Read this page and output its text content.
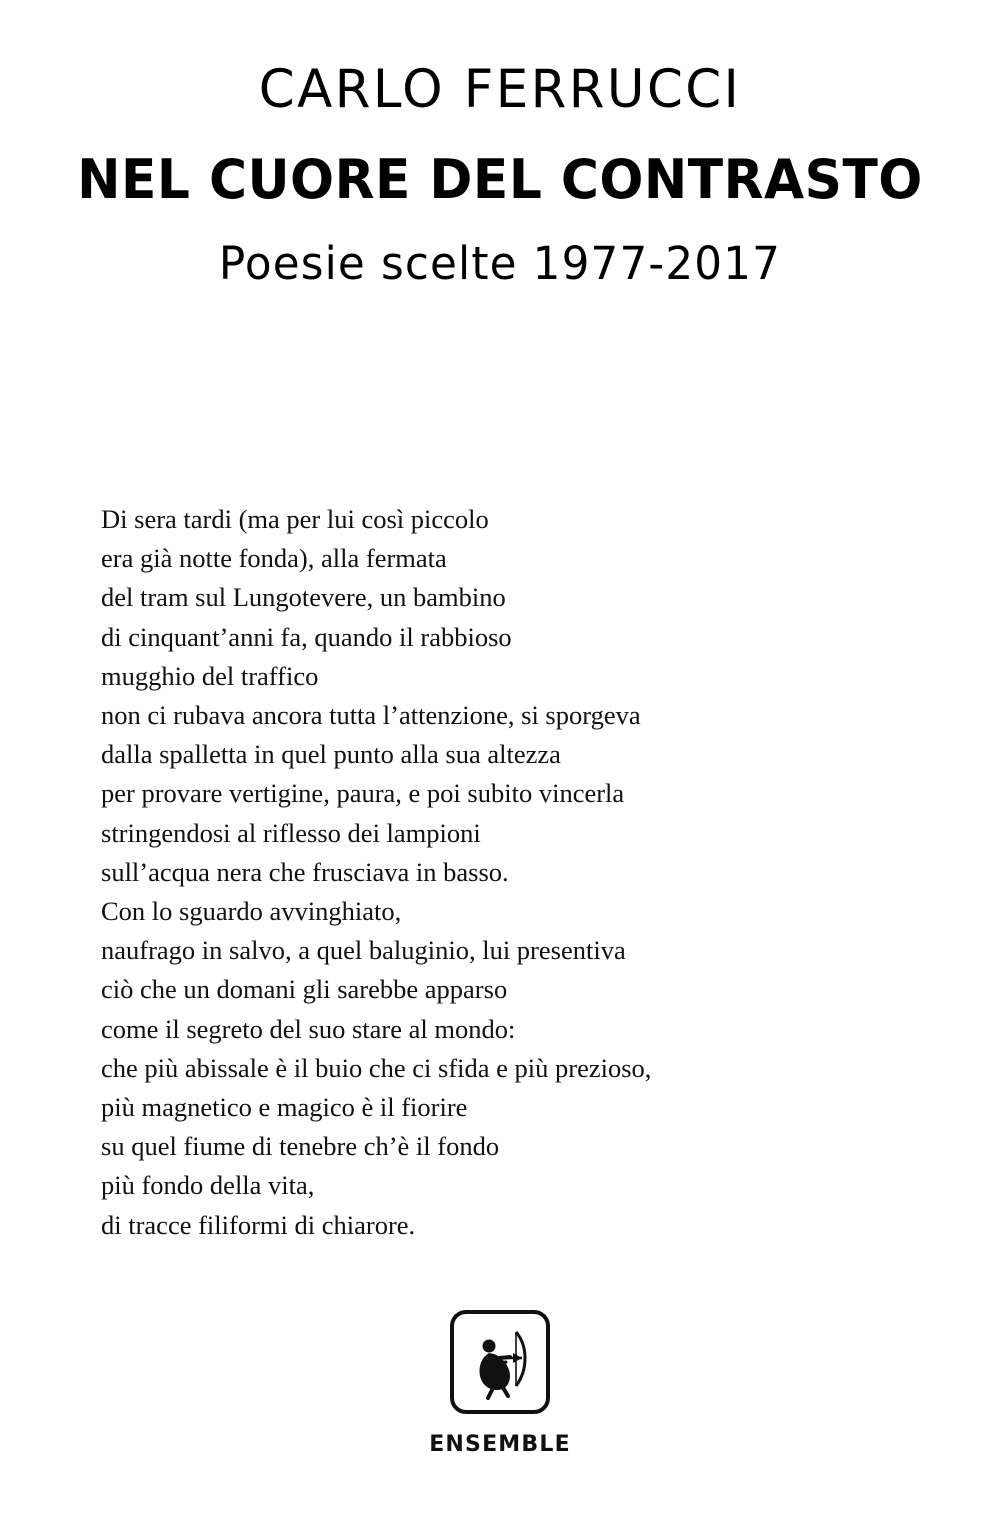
CARLO FERRUCCI
NEL CUORE DEL CONTRASTO
Poesie scelte 1977-2017
Di sera tardi (ma per lui così piccolo
era già notte fonda), alla fermata
del tram sul Lungotevere, un bambino
di cinquant’anni fa, quando il rabbioso
mugghio del traffico
non ci rubava ancora tutta l’attenzione, si sporgeva
dalla spalletta in quel punto alla sua altezza
per provare vertigine, paura, e poi subito vincerla
stringendosi al riflesso dei lampioni
sull’acqua nera che frusciava in basso.
Con lo sguardo avvinghiato,
naufrago in salvo, a quel baluginio, lui presentiva
ciò che un domani gli sarebbe apparso
come il segreto del suo stare al mondo:
che più abissale è il buio che ci sfida e più prezioso,
più magnetico e magico è il fiorire
su quel fiume di tenebre ch’è il fondo
più fondo della vita,
di tracce filiformi di chiarore.
ENSEMBLE
